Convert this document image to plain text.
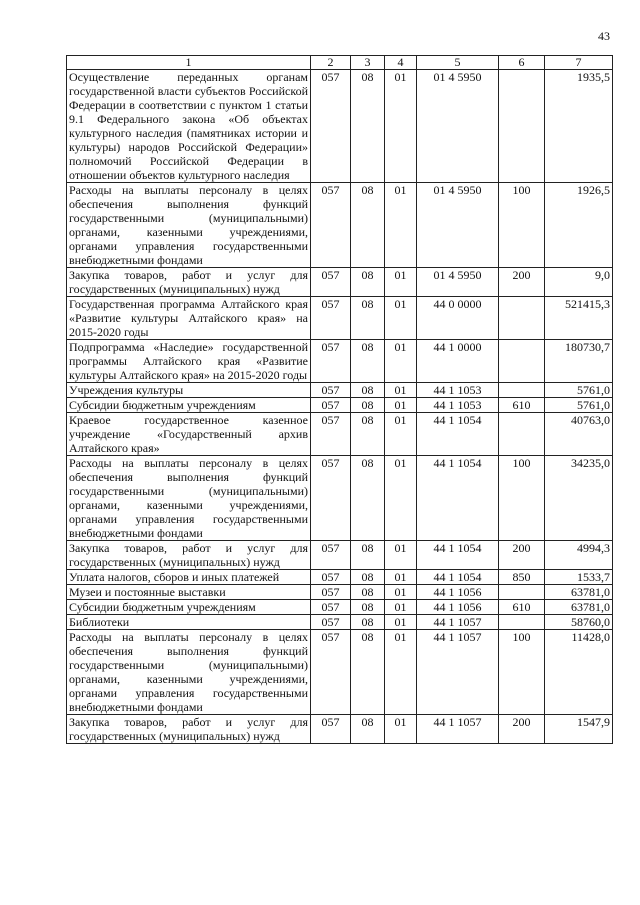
43
1	2	3	4	5	6	7
Осуществление переданных органам государственной власти субъектов Российской Федерации в соответствии с пунктом 1 статьи 9.1 Федерального закона «Об объектах культурного наследия (памятниках истории и культуры) народов Российской Федерации» полномочий Российской Федерации в отношении объектов культурного наследия	057	08	01	01 4 5950		1935,5
Расходы на выплаты персоналу в целях обеспечения выполнения функций государственными (муниципальными) органами, казенными учреждениями, органами управления государственными внебюджетными фондами	057	08	01	01 4 5950	100	1926,5
Закупка товаров, работ и услуг для государственных (муниципальных) нужд	057	08	01	01 4 5950	200	9,0
Государственная программа Алтайского края «Развитие культуры Алтайского края» на 2015-2020 годы	057	08	01	44 0 0000		521415,3
Подпрограмма «Наследие» государственной программы Алтайского края «Развитие культуры Алтайского края» на 2015-2020 годы	057	08	01	44 1 0000		180730,7
Учреждения культуры	057	08	01	44 1 1053		5761,0
Субсидии бюджетным учреждениям	057	08	01	44 1 1053	610	5761,0
Краевое государственное казенное учреждение «Государственный архив Алтайского края»	057	08	01	44 1 1054		40763,0
Расходы на выплаты персоналу в целях обеспечения выполнения функций государственными (муниципальными) органами, казенными учреждениями, органами управления государственными внебюджетными фондами	057	08	01	44 1 1054	100	34235,0
Закупка товаров, работ и услуг для государственных (муниципальных) нужд	057	08	01	44 1 1054	200	4994,3
Уплата налогов, сборов и иных платежей	057	08	01	44 1 1054	850	1533,7
Музеи и постоянные выставки	057	08	01	44 1 1056		63781,0
Субсидии бюджетным учреждениям	057	08	01	44 1 1056	610	63781,0
Библиотеки	057	08	01	44 1 1057		58760,0
Расходы на выплаты персоналу в целях обеспечения выполнения функций государственными (муниципальными) органами, казенными учреждениями, органами управления государственными внебюджетными фондами	057	08	01	44 1 1057	100	11428,0
Закупка товаров, работ и услуг для государственных (муниципальных) нужд	057	08	01	44 1 1057	200	1547,9
